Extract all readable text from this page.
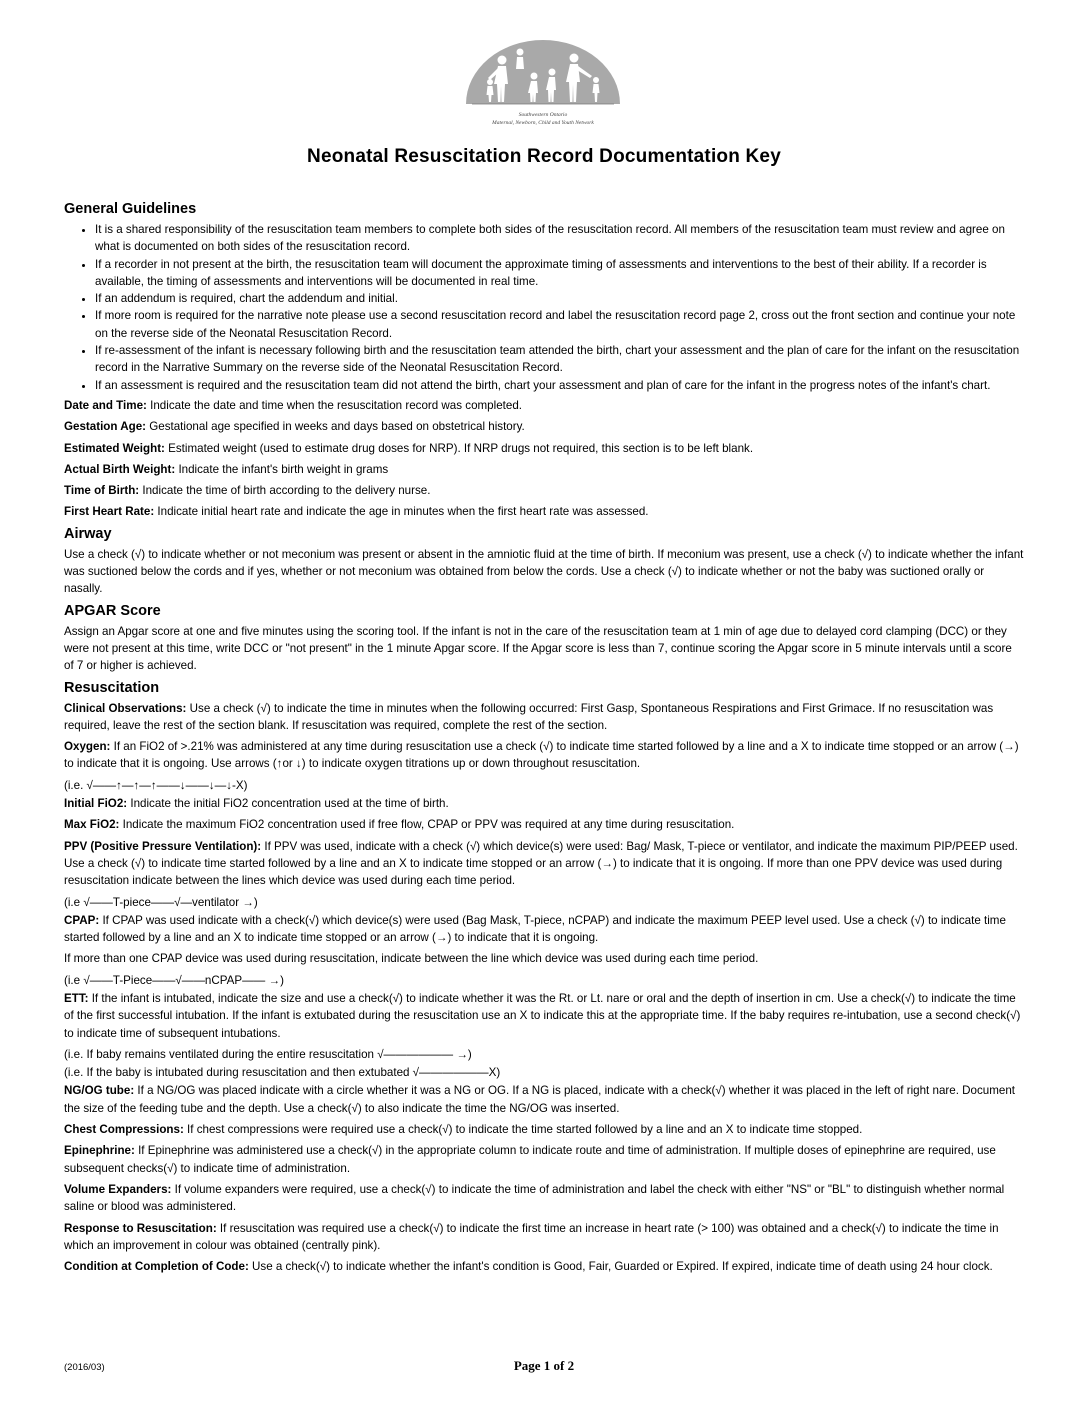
Southwestern Ontario
Maternal, Newborn, Child and Youth Network
Neonatal Resuscitation Record Documentation Key
General Guidelines
• It is a shared responsibility of the resuscitation team members to complete both sides of the resuscitation record. All members of the resuscitation team must review and agree on what is documented on both sides of the resuscitation record.
• If a recorder in not present at the birth, the resuscitation team will document the approximate timing of assessments and interventions to the best of their ability. If a recorder is available, the timing of assessments and interventions will be documented in real time.
• If an addendum is required, chart the addendum and initial.
• If more room is required for the narrative note please use a second resuscitation record and label the resuscitation record page 2, cross out the front section and continue your note on the reverse side of the Neonatal Resuscitation Record.
• If re-assessment of the infant is necessary following birth and the resuscitation team attended the birth, chart your assessment and the plan of care for the infant on the resuscitation record in the Narrative Summary on the reverse side of the Neonatal Resuscitation Record.
• If an assessment is required and the resuscitation team did not attend the birth, chart your assessment and plan of care for the infant in the progress notes of the infant's chart.

Date and Time: Indicate the date and time when the resuscitation record was completed.

Gestation Age: Gestational age specified in weeks and days based on obstetrical history.

Estimated Weight: Estimated weight (used to estimate drug doses for NRP). If NRP drugs not required, this section is to be left blank.

Actual Birth Weight: Indicate the infant's birth weight in grams

Time of Birth: Indicate the time of birth according to the delivery nurse.

First Heart Rate: Indicate initial heart rate and indicate the age in minutes when the first heart rate was assessed.

Airway

Use a check (√) to indicate whether or not meconium was present or absent in the amniotic fluid at the time of birth. If meconium was present, use a check (√) to indicate whether the infant was suctioned below the cords and if yes, whether or not meconium was obtained from below the cords. Use a check (√) to indicate whether or not the baby was suctioned orally or nasally.

APGAR Score

Assign an Apgar score at one and five minutes using the scoring tool. If the infant is not in the care of the resuscitation team at 1 min of age due to delayed cord clamping (DCC) or they were not present at this time, write DCC or "not present" in the 1 minute Apgar score. If the Apgar score is less than 7, continue scoring the Apgar score in 5 minute intervals until a score of 7 or higher is achieved.

Resuscitation

Clinical Observations: Use a check (√) to indicate the time in minutes when the following occurred: First Gasp, Spontaneous Respirations and First Grimace. If no resuscitation was required, leave the rest of the section blank. If resuscitation was required, complete the rest of the section.

Oxygen: If an FiO2 of >.21% was administered at any time during resuscitation use a check (√) to indicate time started followed by a line and a X to indicate time stopped or an arrow (→) to indicate that it is ongoing. Use arrows (↑or ↓) to indicate oxygen titrations up or down throughout resuscitation.

(i.e. √——↑—↑—↑——↓——↓—↓-X)

Initial FiO2: Indicate the initial FiO2 concentration used at the time of birth.

Max FiO2: Indicate the maximum FiO2 concentration used if free flow, CPAP or PPV was required at any time during resuscitation.

PPV (Positive Pressure Ventilation): If PPV was used, indicate with a check (√) which device(s) were used: Bag/ Mask, T-piece or ventilator, and indicate the maximum PIP/PEEP used. Use a check (√) to indicate time started followed by a line and an X to indicate time stopped or an arrow (→) to indicate that it is ongoing. If more than one PPV device was used during resuscitation indicate between the lines which device was used during each time period.

(i.e √——T-piece——√—ventilator →)

CPAP: If CPAP was used indicate with a check(√) which device(s) were used (Bag Mask, T-piece, nCPAP) and indicate the maximum PEEP level used. Use a check (√) to indicate time started followed by a line and an X to indicate time stopped or an arrow (→) to indicate that it is ongoing.

If more than one CPAP device was used during resuscitation, indicate between the line which device was used during each time period.

(i.e √——T-Piece——√——nCPAP—— →)

ETT: If the infant is intubated, indicate the size and use a check(√) to indicate whether it was the Rt. or Lt. nare or oral and the depth of insertion in cm. Use a check(√) to indicate the time of the first successful intubation. If the infant is extubated during the resuscitation use an X to indicate this at the appropriate time. If the baby requires re-intubation, use a second check(√) to indicate time of subsequent intubations.

(i.e. If baby remains ventilated during the entire resuscitation √—————— →)

(i.e. If the baby is intubated during resuscitation and then extubated √——————X)

NG/OG tube: If a NG/OG was placed indicate with a circle whether it was a NG or OG. If a NG is placed, indicate with a check(√) whether it was placed in the left of right nare. Document the size of the feeding tube and the depth. Use a check(√) to also indicate the time the NG/OG was inserted.

Chest Compressions: If chest compressions were required use a check(√) to indicate the time started followed by a line and an X to indicate time stopped.

Epinephrine: If Epinephrine was administered use a check(√) in the appropriate column to indicate route and time of administration. If multiple doses of epinephrine are required, use subsequent checks(√) to indicate time of administration.

Volume Expanders: If volume expanders were required, use a check(√) to indicate the time of administration and label the check with either "NS" or "BL" to distinguish whether normal saline or blood was administered.

Response to Resuscitation: If resuscitation was required use a check(√) to indicate the first time an increase in heart rate (> 100) was obtained and a check(√) to indicate the time in which an improvement in colour was obtained (centrally pink).

Condition at Completion of Code: Use a check(√) to indicate whether the infant's condition is Good, Fair, Guarded or Expired. If expired, indicate time of death using 24 hour clock.

(2016/03)	Page 1 of 2
